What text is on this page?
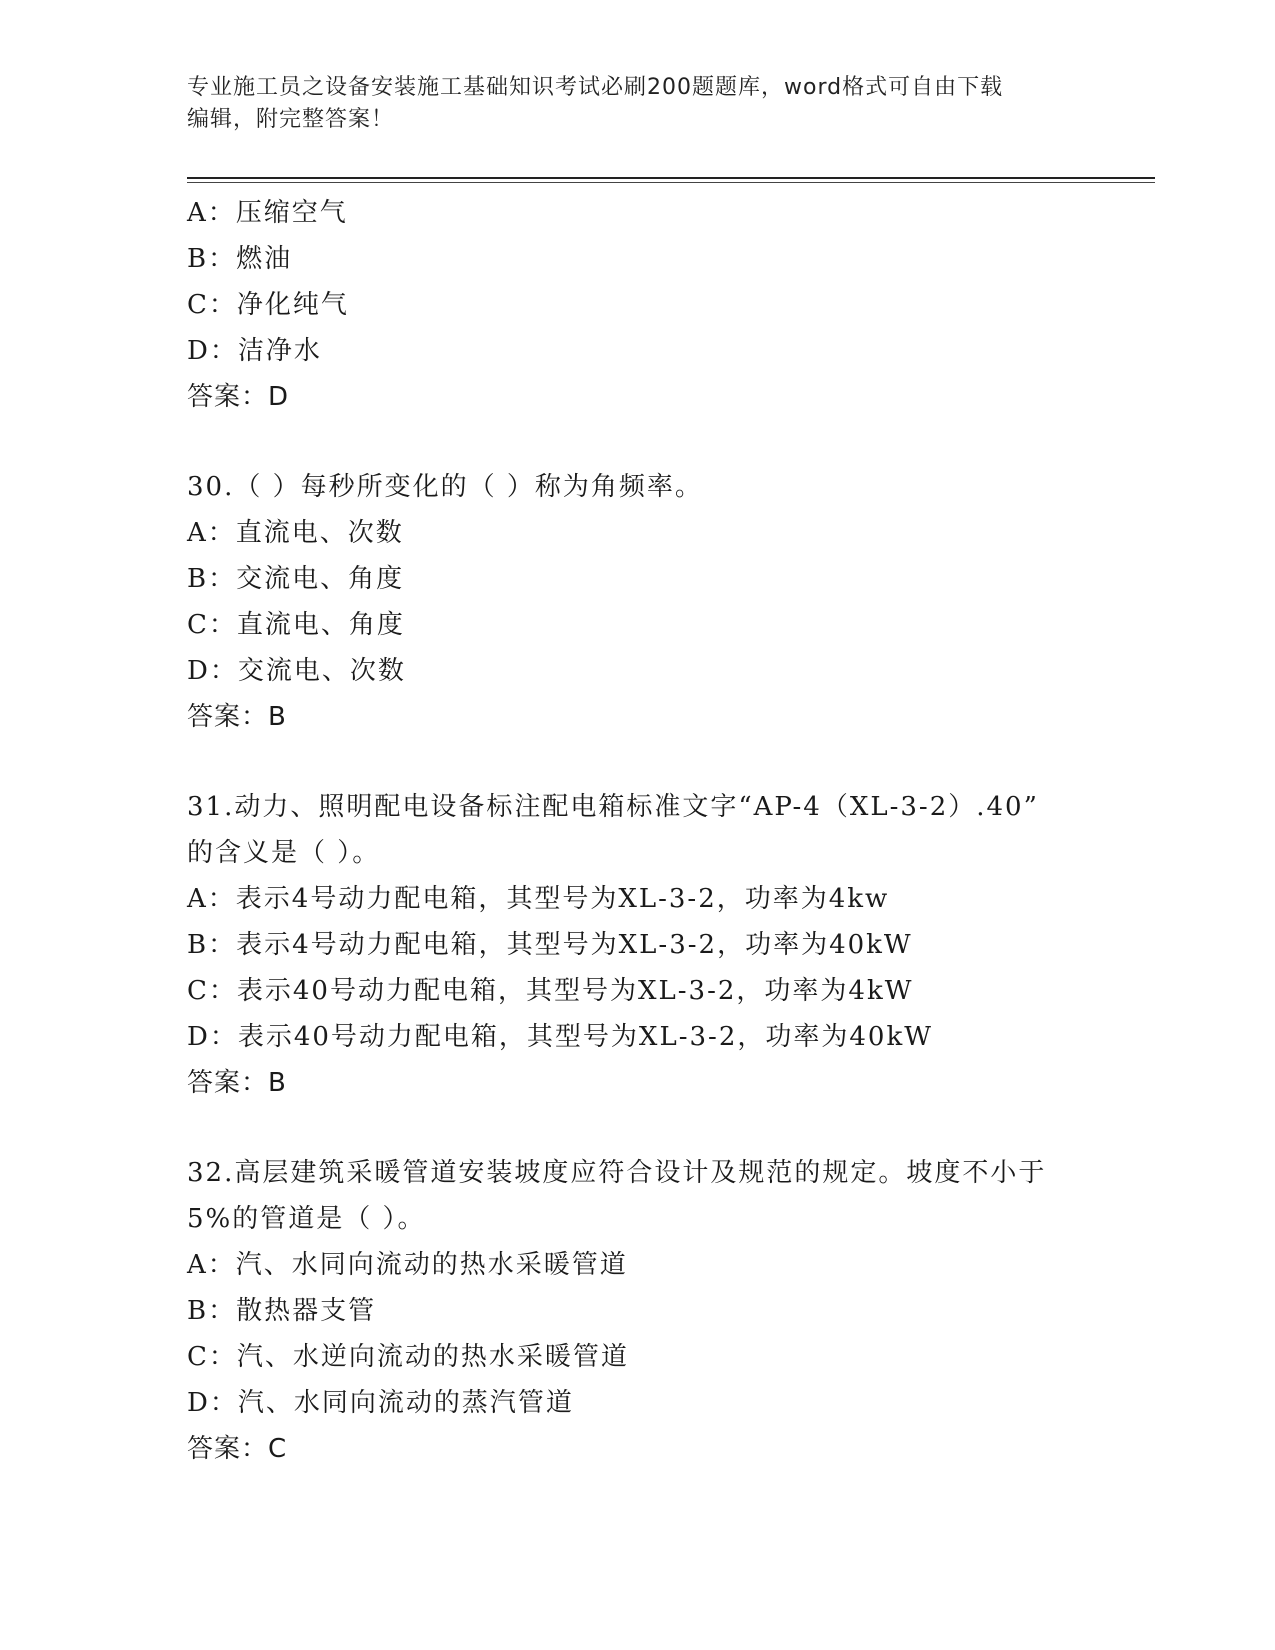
专业施工员之设备安装施工基础知识考试必刷200题题库，word格式可自由下载
编辑，附完整答案！
A：压缩空气
B：燃油
C：净化纯气
D：洁净水
答案：D
30.（ ）每秒所变化的（ ）称为角频率。
A：直流电、次数
B：交流电、角度
C：直流电、角度
D：交流电、次数
答案：B
31.动力、照明配电设备标注配电箱标准文字“AP-4（XL-3-2）.40”
的含义是（ ）。
A：表示4号动力配电箱，其型号为XL-3-2，功率为4kw
B：表示4号动力配电箱，其型号为XL-3-2，功率为40kW
C：表示40号动力配电箱，其型号为XL-3-2，功率为4kW
D：表示40号动力配电箱，其型号为XL-3-2，功率为40kW
答案：B
32.高层建筑采暖管道安装坡度应符合设计及规范的规定。坡度不小于
5%的管道是（ ）。
A：汽、水同向流动的热水采暖管道
B：散热器支管
C：汽、水逆向流动的热水采暖管道
D：汽、水同向流动的蒸汽管道
答案：C
